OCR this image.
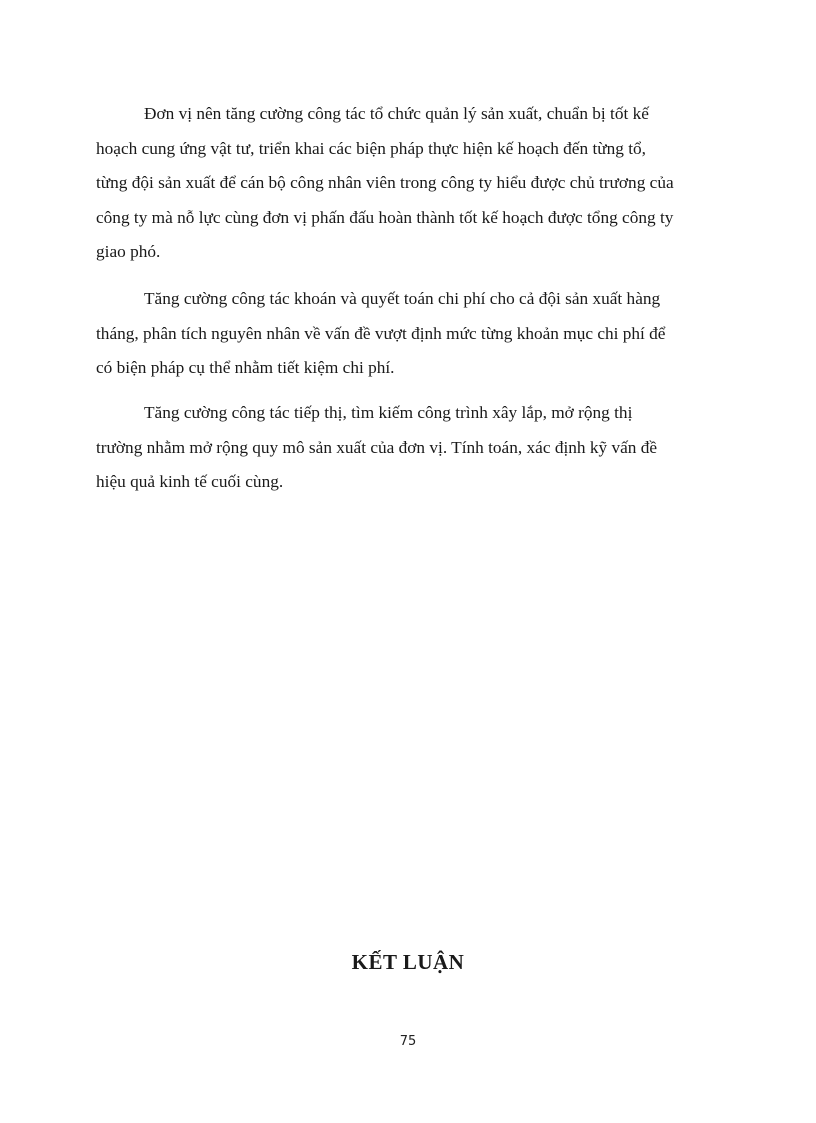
Đơn vị nên tăng cường công tác tổ chức quản lý sản xuất, chuẩn bị tốt kế
hoạch cung ứng vật tư, triển khai các biện pháp thực hiện kế hoạch đến từng tổ,
từng đội sản xuất để cán bộ công nhân viên trong công ty hiểu được chủ trương của
công ty mà nỗ lực cùng đơn vị phấn đấu hoàn thành tốt kế hoạch được tổng công ty
giao phó.

Tăng cường công tác khoán và quyết toán chi phí cho cả đội sản xuất hàng
tháng, phân tích nguyên nhân về vấn đề vượt định mức từng khoản mục chi phí để
có biện pháp cụ thể nhằm tiết kiệm chi phí.

Tăng cường công tác tiếp thị, tìm kiếm công trình xây lắp, mở rộng thị
trường nhằm mở rộng quy mô sản xuất của đơn vị. Tính toán, xác định kỹ vấn đề
hiệu quả kinh tế cuối cùng.

KẾT LUẬN
75
